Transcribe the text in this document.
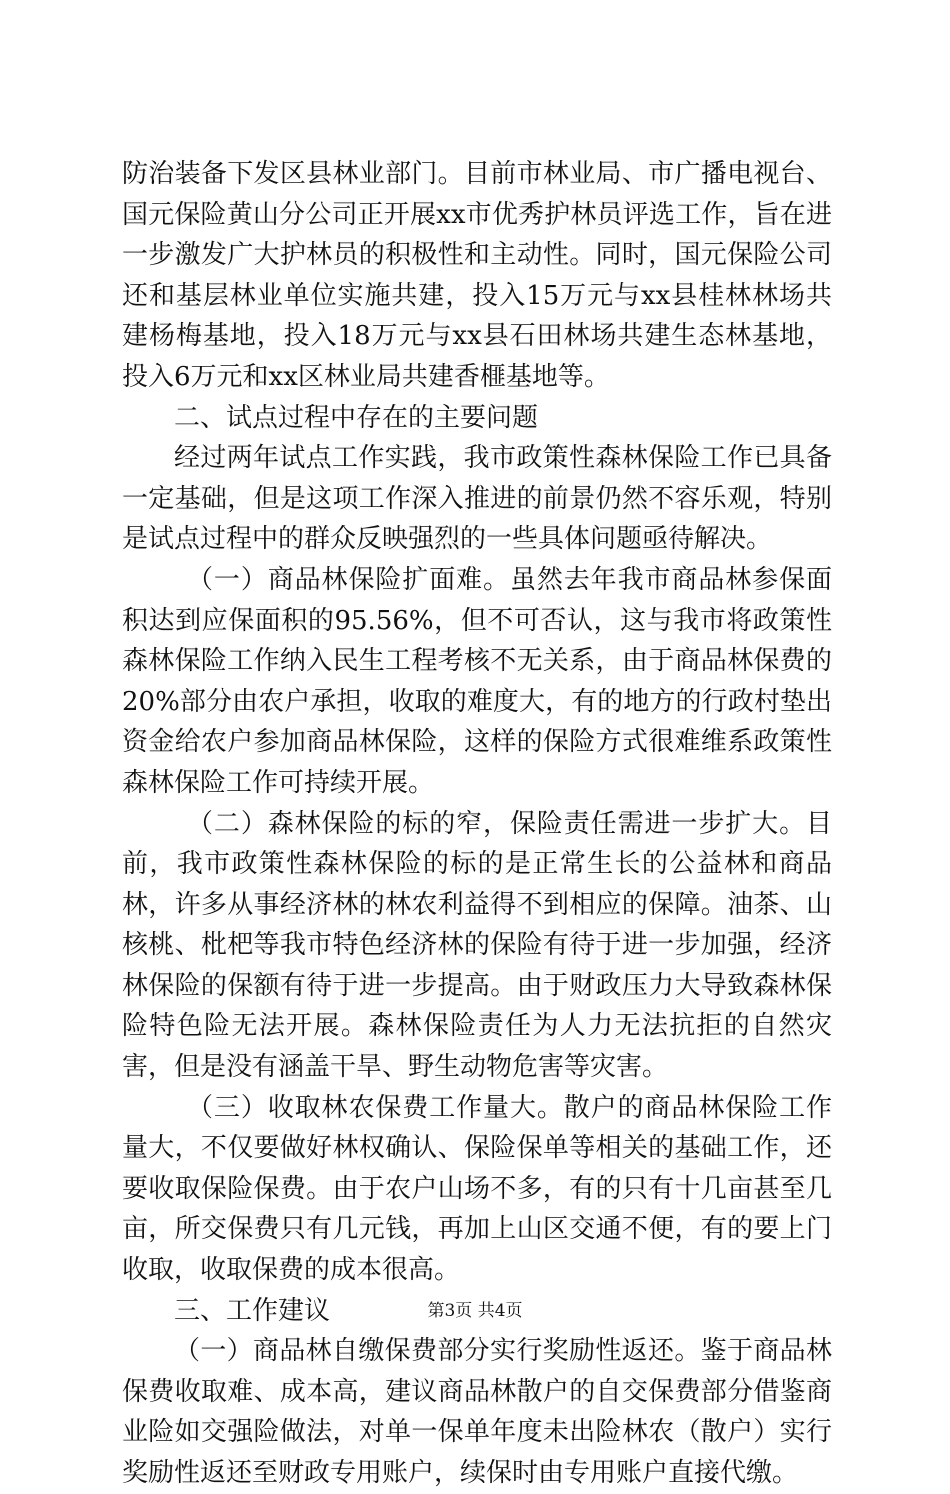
防治装备下发区县林业部门。目前市林业局、市广播电视台、国元保险黄山分公司正开展xx市优秀护林员评选工作，旨在进一步激发广大护林员的积极性和主动性。同时，国元保险公司还和基层林业单位实施共建，投入15万元与xx县桂林林场共建杨梅基地，投入18万元与xx县石田林场共建生态林基地，投入6万元和xx区林业局共建香榧基地等。

二、试点过程中存在的主要问题

经过两年试点工作实践，我市政策性森林保险工作已具备一定基础，但是这项工作深入推进的前景仍然不容乐观，特别是试点过程中的群众反映强烈的一些具体问题亟待解决。

（一）商品林保险扩面难。虽然去年我市商品林参保面积达到应保面积的95.56%，但不可否认，这与我市将政策性森林保险工作纳入民生工程考核不无关系，由于商品林保费的20%部分由农户承担，收取的难度大，有的地方的行政村垫出资金给农户参加商品林保险，这样的保险方式很难维系政策性森林保险工作可持续开展。

（二）森林保险的标的窄，保险责任需进一步扩大。目前，我市政策性森林保险的标的是正常生长的公益林和商品林，许多从事经济林的林农利益得不到相应的保障。油茶、山核桃、枇杷等我市特色经济林的保险有待于进一步加强，经济林保险的保额有待于进一步提高。由于财政压力大导致森林保险特色险无法开展。森林保险责任为人力无法抗拒的自然灾害，但是没有涵盖干旱、野生动物危害等灾害。

（三）收取林农保费工作量大。散户的商品林保险工作量大，不仅要做好林权确认、保险保单等相关的基础工作，还要收取保险保费。由于农户山场不多，有的只有十几亩甚至几亩，所交保费只有几元钱，再加上山区交通不便，有的要上门收取，收取保费的成本很高。

三、工作建议

（一）商品林自缴保费部分实行奖励性返还。鉴于商品林保费收取难、成本高，建议商品林散户的自交保费部分借鉴商业险如交强险做法，对单一保单年度未出险林农（散户）实行奖励性返还至财政专用账户，续保时由专用账户直接代缴。

第3页 共4页
